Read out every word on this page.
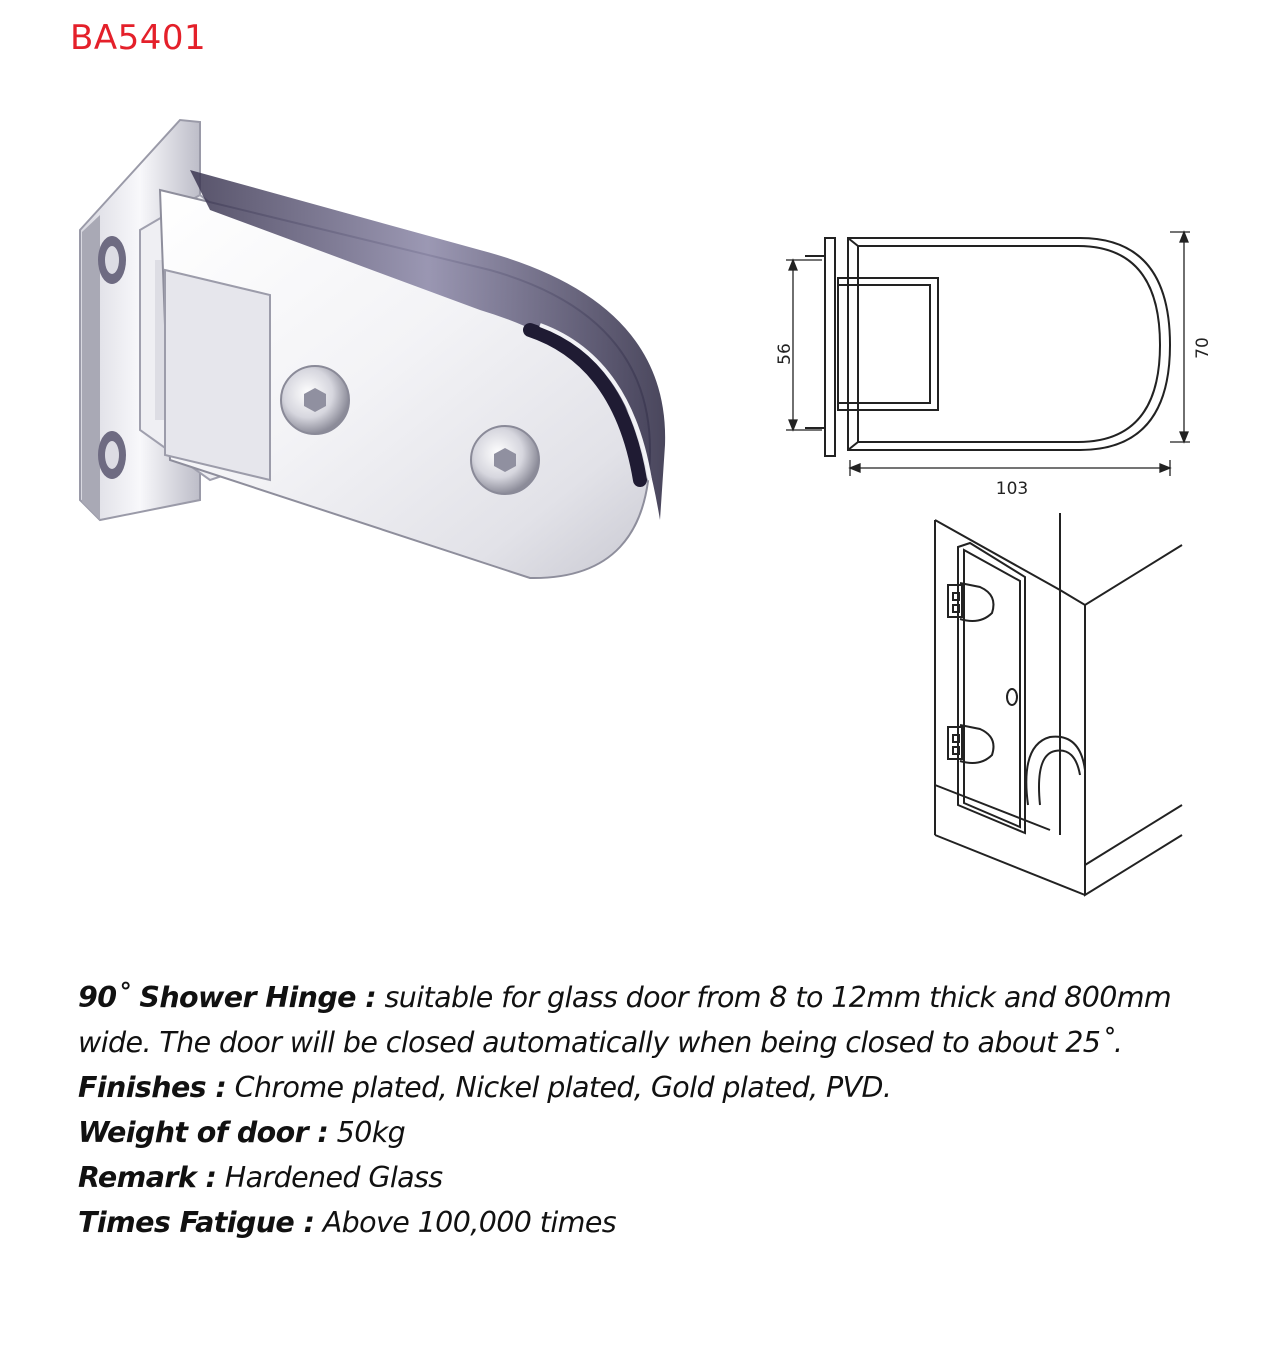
BA5401
56	70
103
90˚ Shower Hinge : suitable for glass door from 8 to 12mm thick and 800mm
wide. The door will be closed automatically when being closed to about 25˚.
Finishes : Chrome plated, Nickel plated, Gold plated, PVD.
Weight of door : 50kg
Remark : Hardened Glass
Times Fatigue : Above 100,000 times
